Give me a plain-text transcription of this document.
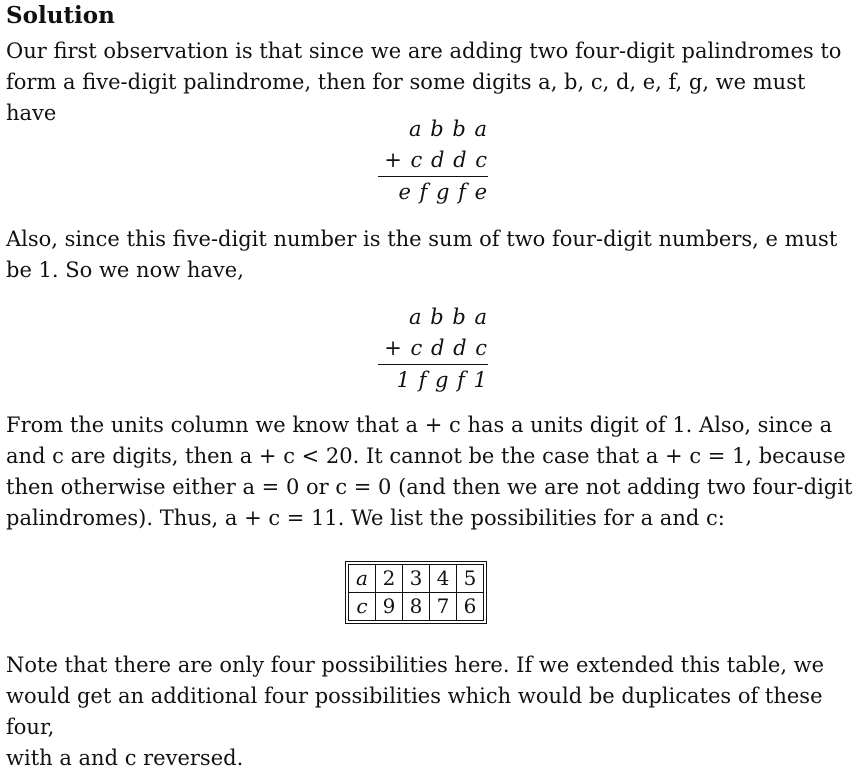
Solution
Our first observation is that since we are adding two four-digit palindromes to
form a five-digit palindrome, then for some digits a, b, c, d, e, f, g, we must have
a b b a
+ c d d c
e f g f e
Also, since this five-digit number is the sum of two four-digit numbers, e must
be 1. So we now have,
a b b a
+ c d d c
1 f g f 1
From the units column we know that a + c has a units digit of 1. Also, since a
and c are digits, then a + c < 20. It cannot be the case that a + c = 1, because
then otherwise either a = 0 or c = 0 (and then we are not adding two four-digit
palindromes). Thus, a + c = 11. We list the possibilities for a and c:
a	2	3	4	5
c	9	8	7	6
Note that there are only four possibilities here. If we extended this table, we
would get an additional four possibilities which would be duplicates of these four,
with a and c reversed.
